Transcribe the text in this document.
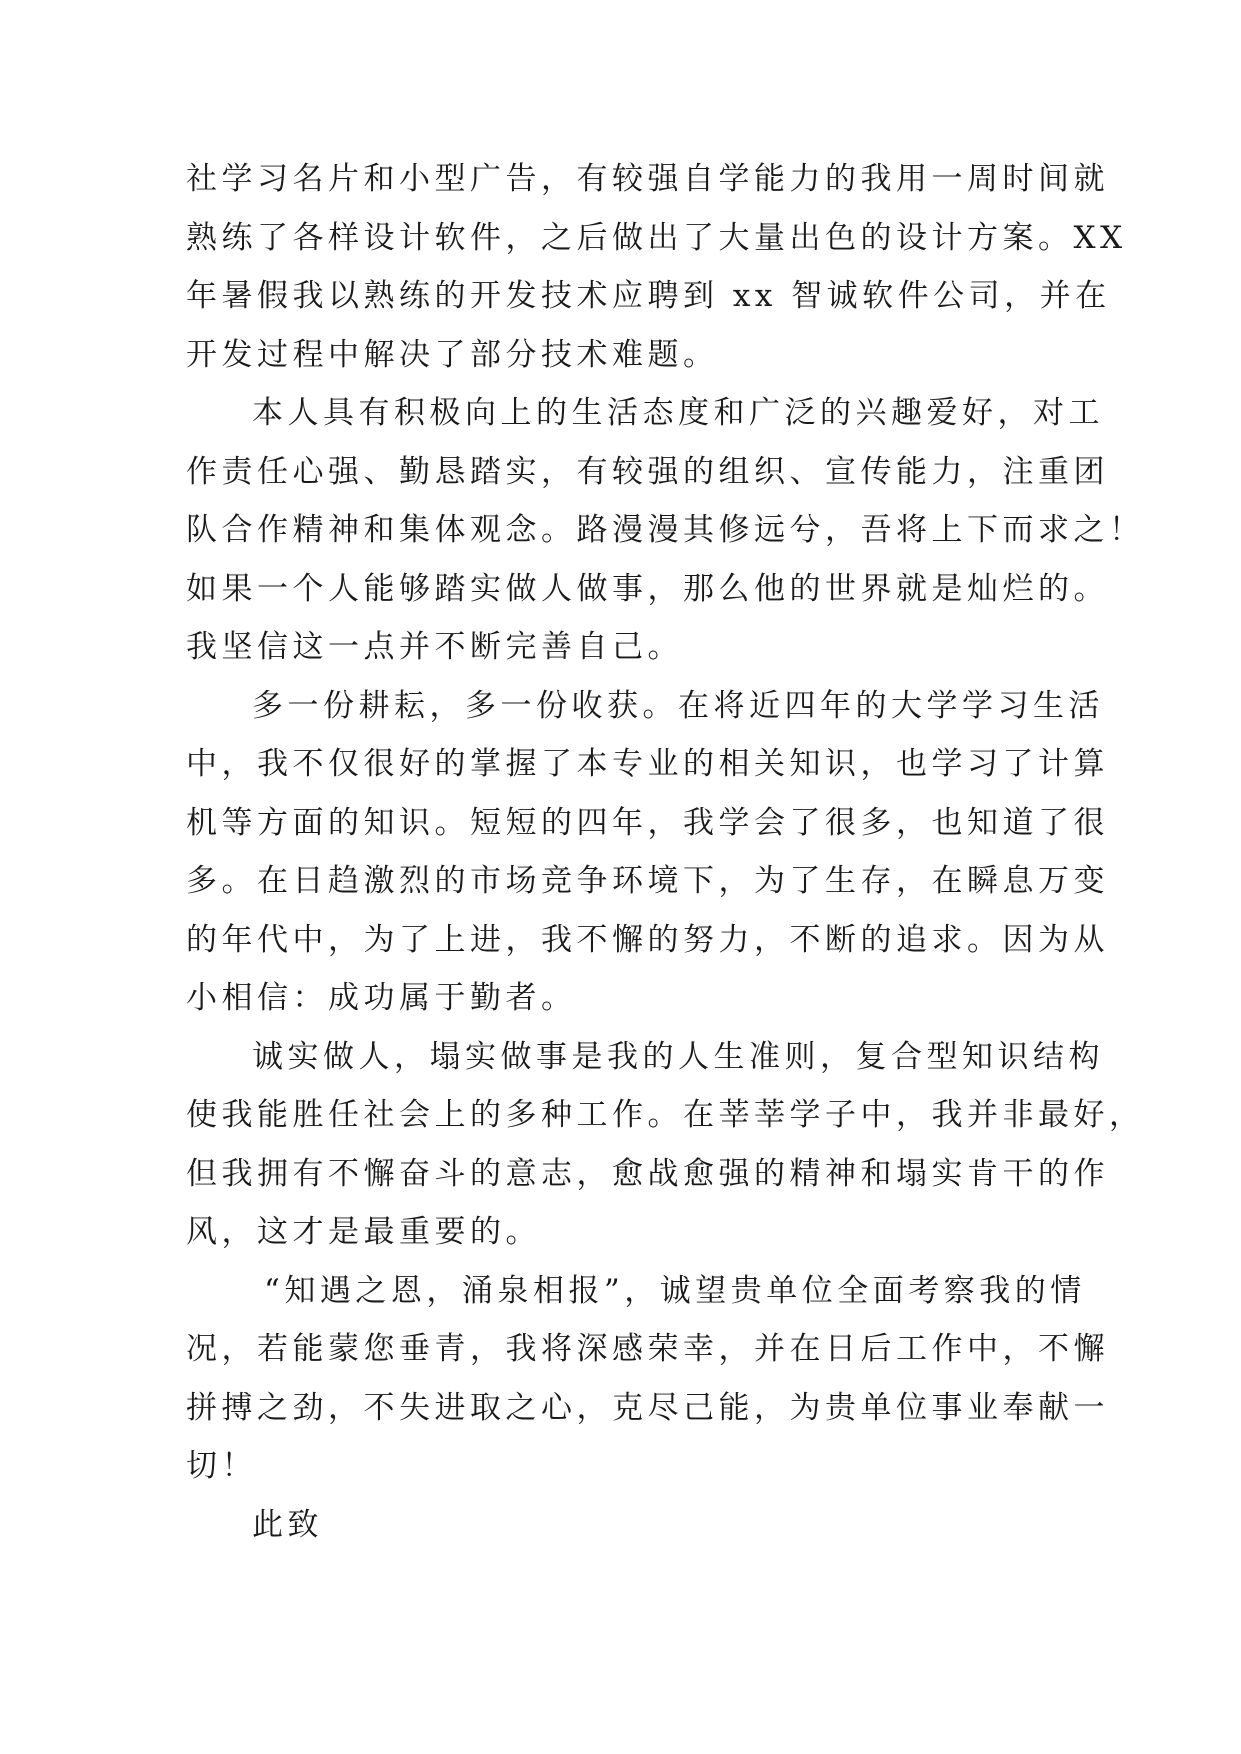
社学习名片和小型广告，有较强自学能力的我用一周时间就
熟练了各样设计软件，之后做出了大量出色的设计方案。XX
年暑假我以熟练的开发技术应聘到 xx 智诚软件公司，并在
开发过程中解决了部分技术难题。
本人具有积极向上的生活态度和广泛的兴趣爱好，对工
作责任心强、勤恳踏实，有较强的组织、宣传能力，注重团
队合作精神和集体观念。路漫漫其修远兮，吾将上下而求之！
如果一个人能够踏实做人做事，那么他的世界就是灿烂的。
我坚信这一点并不断完善自己。
多一份耕耘，多一份收获。在将近四年的大学学习生活
中，我不仅很好的掌握了本专业的相关知识，也学习了计算
机等方面的知识。短短的四年，我学会了很多，也知道了很
多。在日趋激烈的市场竞争环境下，为了生存，在瞬息万变
的年代中，为了上进，我不懈的努力，不断的追求。因为从
小相信：成功属于勤者。
诚实做人，塌实做事是我的人生准则，复合型知识结构
使我能胜任社会上的多种工作。在莘莘学子中，我并非最好，
但我拥有不懈奋斗的意志，愈战愈强的精神和塌实肯干的作
风，这才是最重要的。
“知遇之恩，涌泉相报”，诚望贵单位全面考察我的情
况，若能蒙您垂青，我将深感荣幸，并在日后工作中，不懈
拼搏之劲，不失进取之心，克尽己能，为贵单位事业奉献一
切！
此致
